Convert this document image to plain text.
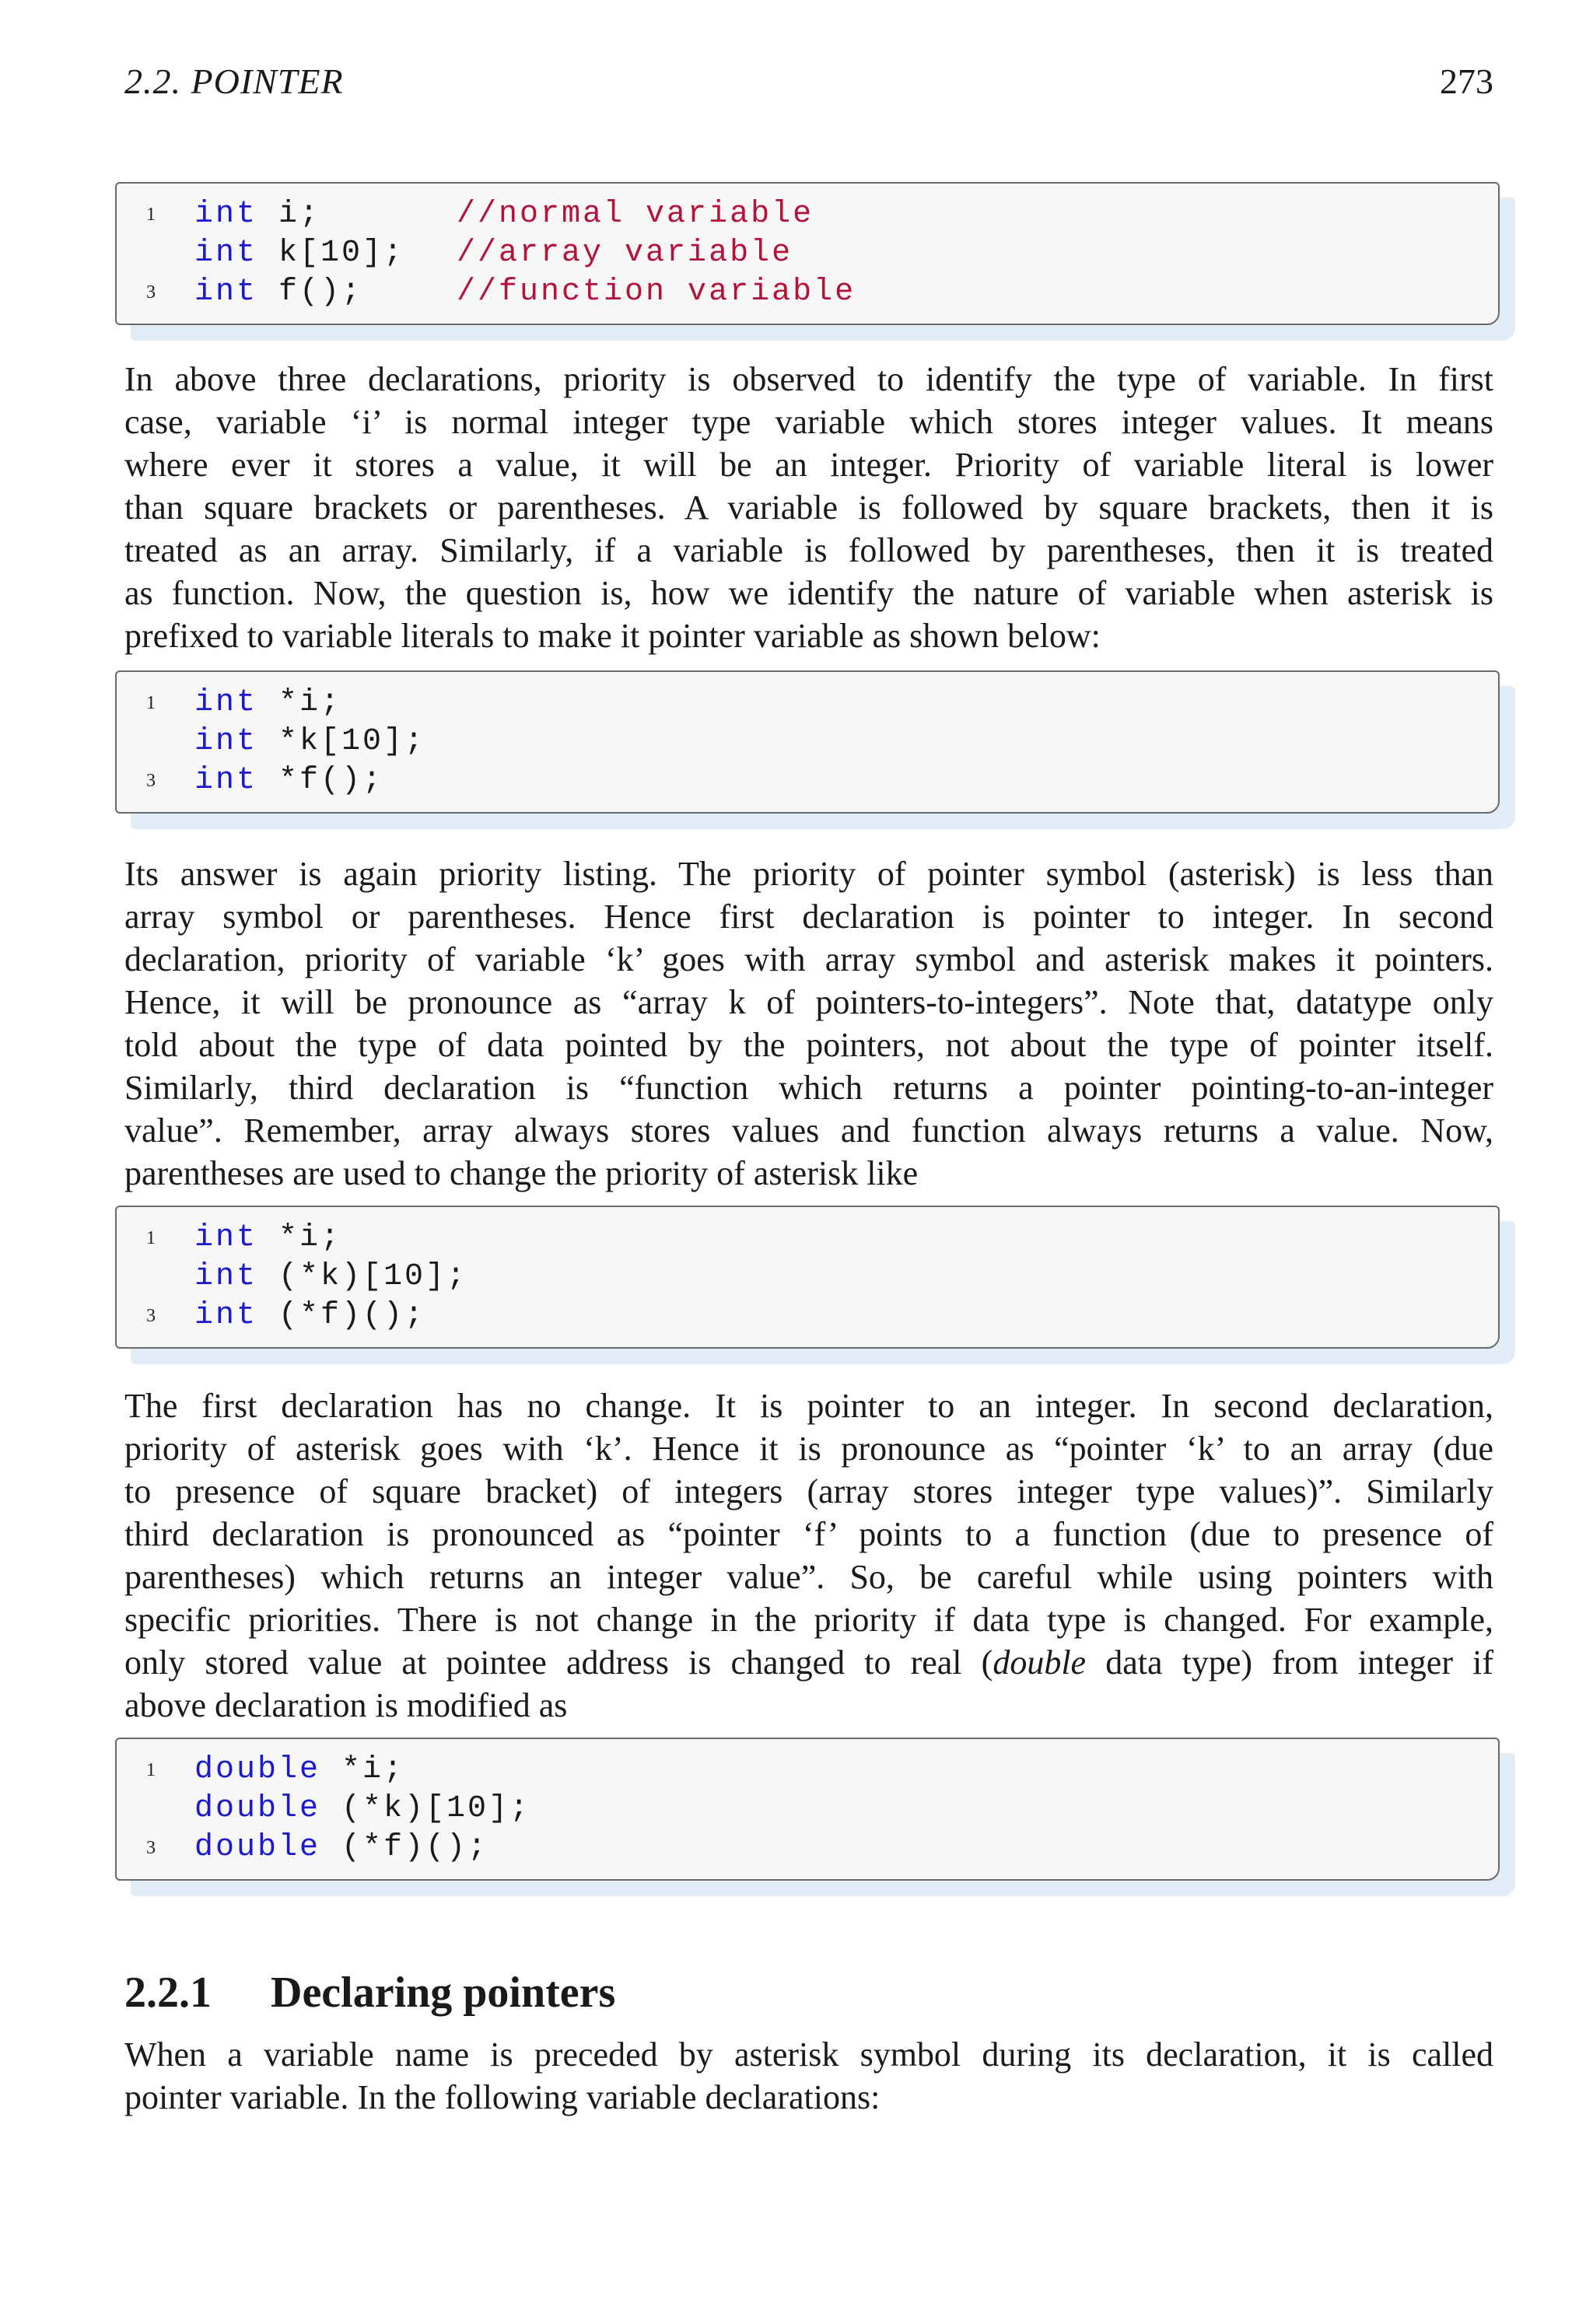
2.2. POINTER	273
1 int i;	//normal variable
int k[10]; //array variable
3 int f();	//function variable
In above three declarations, priority is observed to identify the type of variable. In first
case, variable ‘i’ is normal integer type variable which stores integer values. It means
where ever it stores a value, it will be an integer. Priority of variable literal is lower
than square brackets or parentheses. A variable is followed by square brackets, then it is
treated as an array. Similarly, if a variable is followed by parentheses, then it is treated
as function. Now, the question is, how we identify the nature of variable when asterisk is
prefixed to variable literals to make it pointer variable as shown below:
1 int *i;
int *k[10];
3 int *f();
Its answer is again priority listing. The priority of pointer symbol (asterisk) is less than
array symbol or parentheses. Hence first declaration is pointer to integer. In second
declaration, priority of variable ‘k’ goes with array symbol and asterisk makes it pointers.
Hence, it will be pronounce as “array k of pointers-to-integers”. Note that, datatype only
told about the type of data pointed by the pointers, not about the type of pointer itself.
Similarly, third declaration is “function which returns a pointer pointing-to-an-integer
value”. Remember, array always stores values and function always returns a value. Now,
parentheses are used to change the priority of asterisk like
1 int *i;
int (*k)[10];
3 int (*f)();
The first declaration has no change. It is pointer to an integer. In second declaration,
priority of asterisk goes with ‘k’. Hence it is pronounce as “pointer ‘k’ to an array (due
to presence of square bracket) of integers (array stores integer type values)”. Similarly
third declaration is pronounced as “pointer ‘f’ points to a function (due to presence of
parentheses) which returns an integer value”. So, be careful while using pointers with
specific priorities. There is not change in the priority if data type is changed. For example,
only stored value at pointee address is changed to real (double data type) from integer if
above declaration is modified as
1 double *i;
double (*k)[10];
3 double (*f)();
2.2.1 Declaring pointers
When a variable name is preceded by asterisk symbol during its declaration, it is called
pointer variable. In the following variable declarations:
